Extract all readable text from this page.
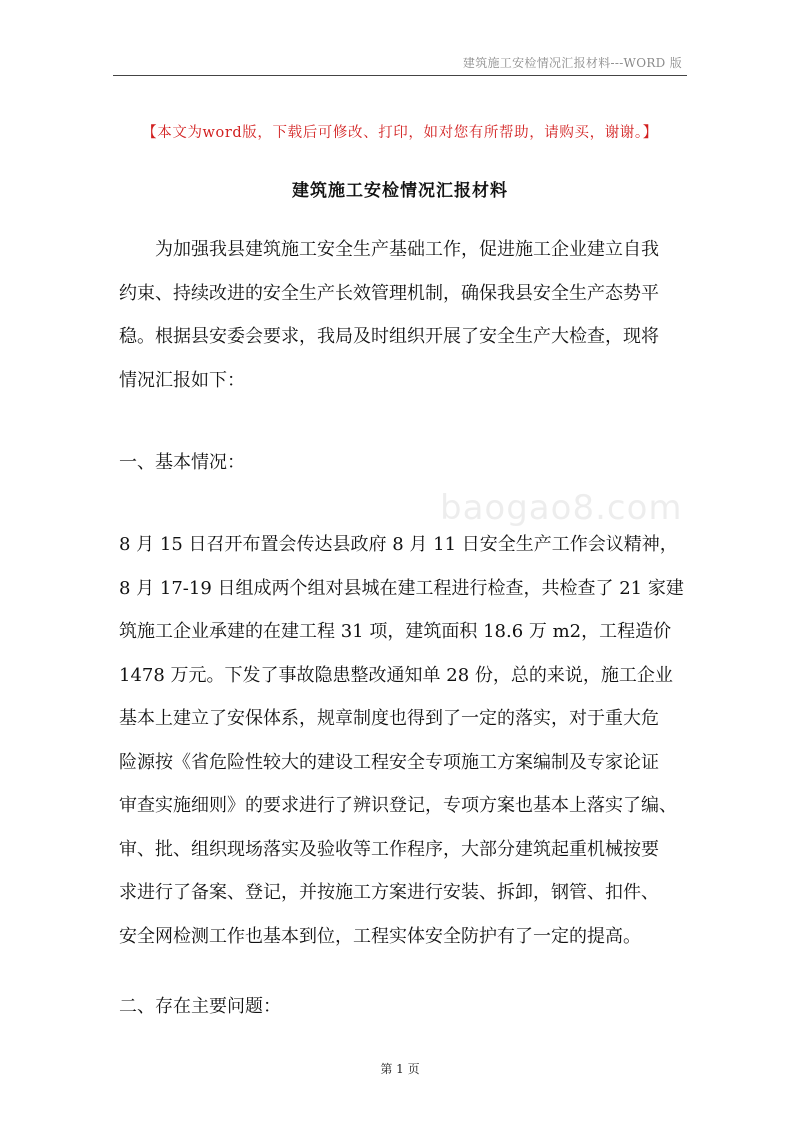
建筑施工安检情况汇报材料---WORD 版
【本文为word版，下载后可修改、打印，如对您有所帮助，请购买，谢谢。】
建筑施工安检情况汇报材料
　　为加强我县建筑施工安全生产基础工作，促进施工企业建立自我
约束、持续改进的安全生产长效管理机制，确保我县安全生产态势平
稳。根据县安委会要求，我局及时组织开展了安全生产大检查，现将
情况汇报如下：
一、基本情况：
baogao8.com
8 月 15 日召开布置会传达县政府 8 月 11 日安全生产工作会议精神，
8 月 17-19 日组成两个组对县城在建工程进行检查，共检查了 21 家建
筑施工企业承建的在建工程 31 项，建筑面积 18.6 万 m2，工程造价
1478 万元。下发了事故隐患整改通知单 28 份，总的来说，施工企业
基本上建立了安保体系，规章制度也得到了一定的落实，对于重大危
险源按《省危险性较大的建设工程安全专项施工方案编制及专家论证
审查实施细则》的要求进行了辨识登记，专项方案也基本上落实了编、
审、批、组织现场落实及验收等工作程序，大部分建筑起重机械按要
求进行了备案、登记，并按施工方案进行安装、拆卸，钢管、扣件、
安全网检测工作也基本到位，工程实体安全防护有了一定的提高。
二、存在主要问题：
第 1 页
